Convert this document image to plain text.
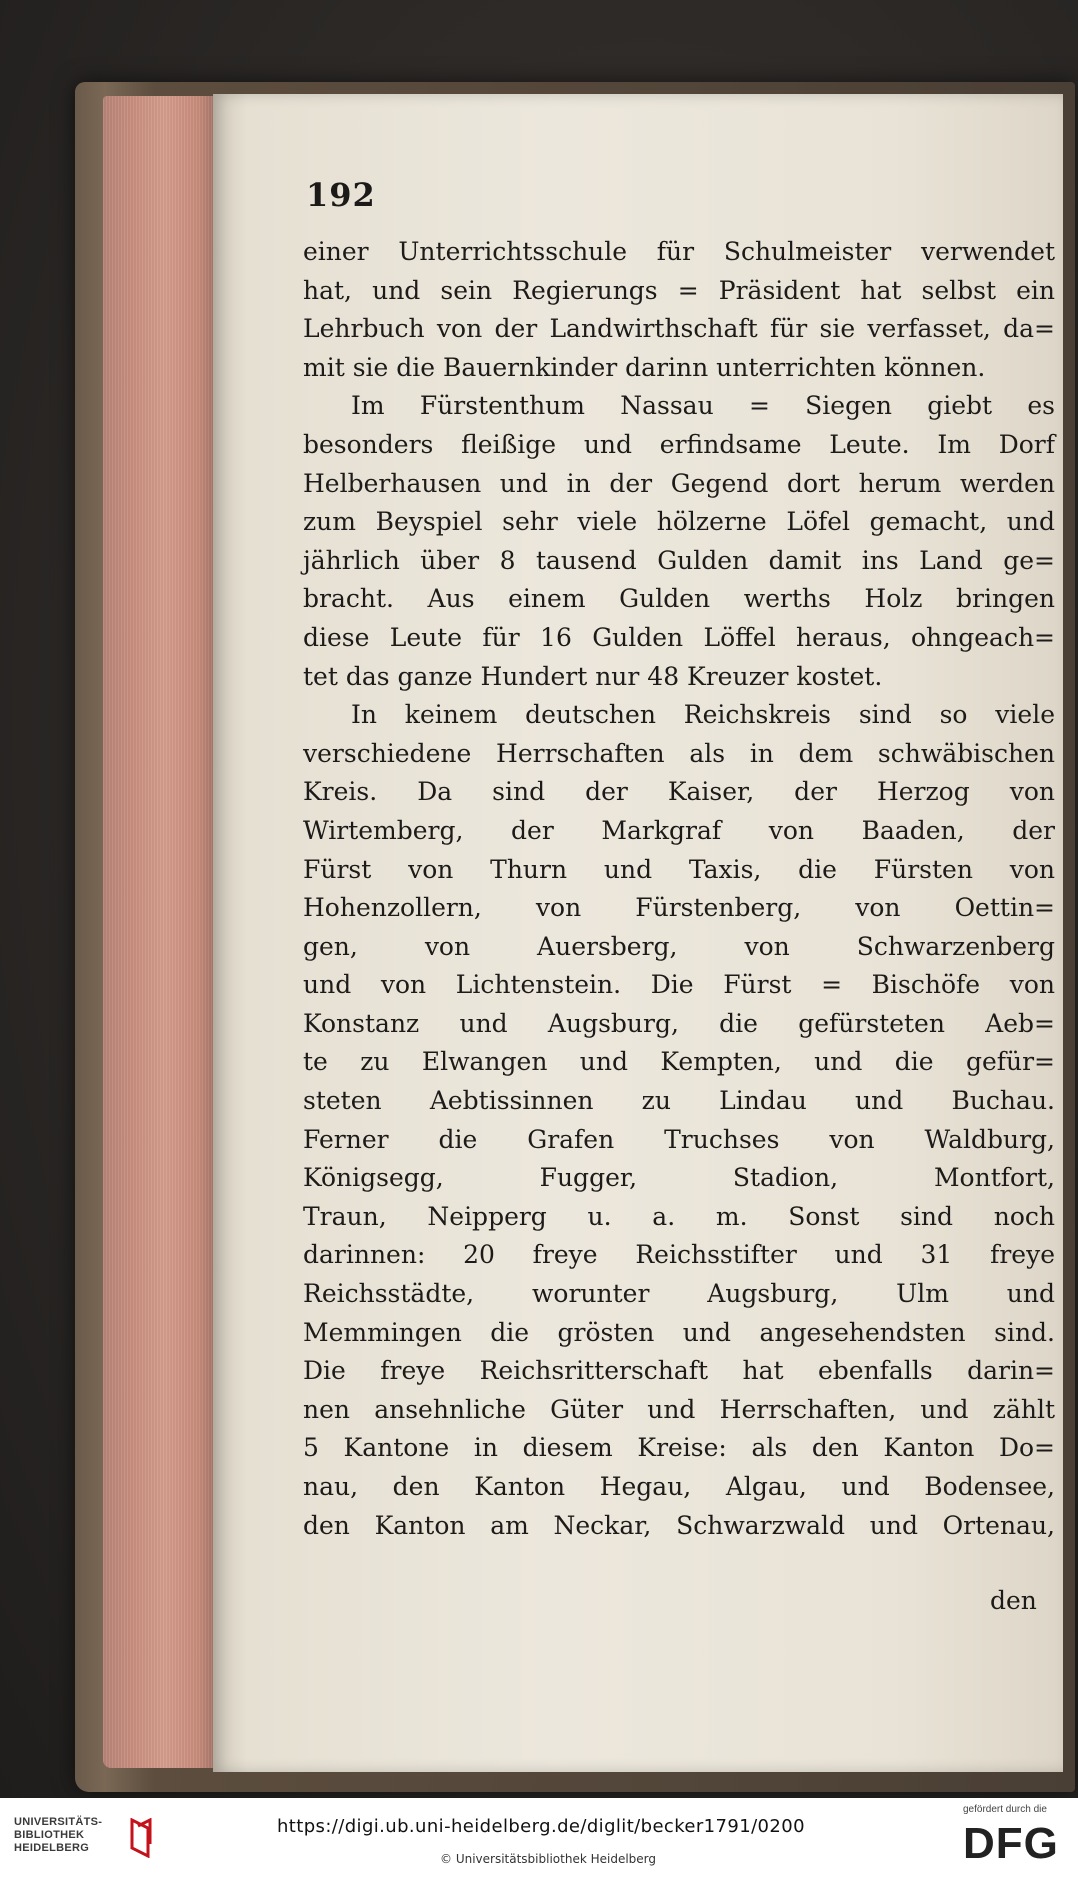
192
einer Unterrichtsschule für Schulmeister verwendet
hat, und sein Regierungs = Präsident hat selbst ein
Lehrbuch von der Landwirthschaft für sie verfasset, da=
mit sie die Bauernkinder darinn unterrichten können.
Im Fürstenthum Nassau = Siegen giebt es
besonders fleißige und erfindsame Leute. Im Dorf
Helberhausen und in der Gegend dort herum werden
zum Beyspiel sehr viele hölzerne Löfel gemacht, und
jährlich über 8 tausend Gulden damit ins Land ge=
bracht. Aus einem Gulden werths Holz bringen
diese Leute für 16 Gulden Löffel heraus, ohngeach=
tet das ganze Hundert nur 48 Kreuzer kostet.
In keinem deutschen Reichskreis sind so viele
verschiedene Herrschaften als in dem schwäbischen
Kreis. Da sind der Kaiser, der Herzog von
Wirtemberg, der Markgraf von Baaden, der
Fürst von Thurn und Taxis, die Fürsten von
Hohenzollern, von Fürstenberg, von Oettin=
gen, von Auersberg, von Schwarzenberg
und von Lichtenstein. Die Fürst = Bischöfe von
Konstanz und Augsburg, die gefürsteten Aeb=
te zu Elwangen und Kempten, und die gefür=
steten Aebtissinnen zu Lindau und Buchau.
Ferner die Grafen Truchses von Waldburg,
Königsegg, Fugger, Stadion, Montfort,
Traun, Neipperg u. a. m. Sonst sind noch
darinnen: 20 freye Reichsstifter und 31 freye
Reichsstädte, worunter Augsburg, Ulm und
Memmingen die grösten und angesehendsten sind.
Die freye Reichsritterschaft hat ebenfalls darin=
nen ansehnliche Güter und Herrschaften, und zählt
5 Kantone in diesem Kreise: als den Kanton Do=
nau, den Kanton Hegau, Algau, und Bodensee,
den Kanton am Neckar, Schwarzwald und Ortenau,
den
UNIVERSITÄTS-
BIBLIOTHEK
HEIDELBERG
https://digi.ub.uni-heidelberg.de/diglit/becker1791/0200
© Universitätsbibliothek Heidelberg
gefördert durch die
DFG
